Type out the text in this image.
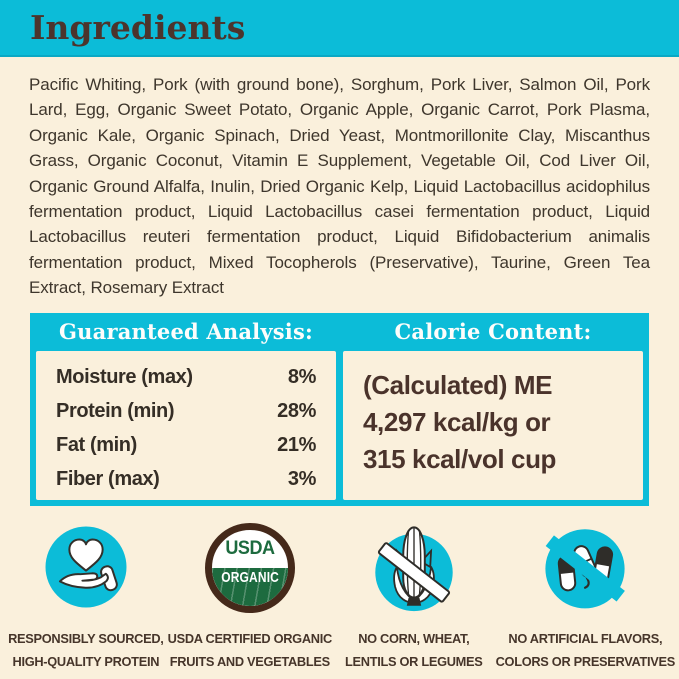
Ingredients

Pacific Whiting, Pork (with ground bone), Sorghum, Pork Liver, Salmon Oil, Pork Lard, Egg, Organic Sweet Potato, Organic Apple, Organic Carrot, Pork Plasma, Organic Kale, Organic Spinach, Dried Yeast, Montmorillonite Clay, Miscanthus Grass, Organic Coconut, Vitamin E Supplement, Vegetable Oil, Cod Liver Oil, Organic Ground Alfalfa, Inulin, Dried Organic Kelp, Liquid Lactobacillus acidophilus fermentation product, Liquid Lactobacillus casei fermentation product, Liquid Lactobacillus reuteri fermentation product, Liquid Bifidobacterium animalis fermentation product, Mixed Tocopherols (Preservative), Taurine, Green Tea Extract, Rosemary Extract

Guaranteed Analysis:
Moisture (max)	8%
Protein (min)	28%
Fat (min)	21%
Fiber (max)	3%
Calorie Content:
(Calculated) ME
4,297 kcal/kg or
315 kcal/vol cup
RESPONSIBLY SOURCED,
HIGH-QUALITY PROTEIN
USDA
ORGANIC
USDA CERTIFIED ORGANIC
FRUITS AND VEGETABLES
NO CORN, WHEAT,
LENTILS OR LEGUMES
NO ARTIFICIAL FLAVORS,
COLORS OR PRESERVATIVES
